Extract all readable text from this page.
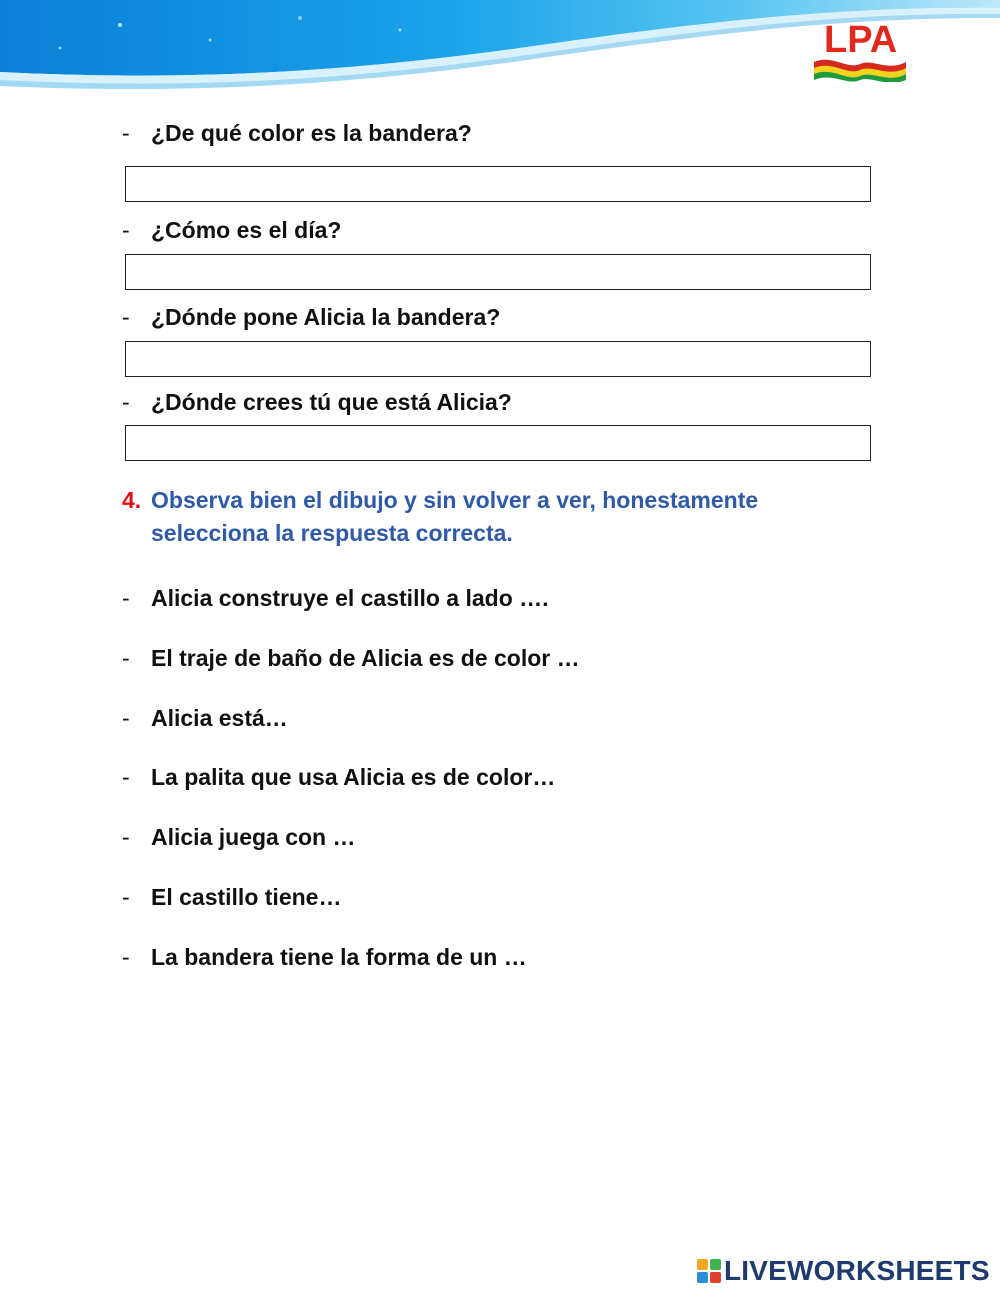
LPA
- ¿De qué color es la bandera?
- ¿Cómo es el día?
- ¿Dónde pone Alicia la bandera?
- ¿Dónde crees tú que está Alicia?
4. Observa bien el dibujo y sin volver a ver, honestamente
selecciona la respuesta correcta.
- Alicia construye el castillo a lado ….
- El traje de baño de Alicia es de color …
- Alicia está…
- La palita que usa Alicia es de color…
- Alicia juega con …
- El castillo tiene…
- La bandera tiene la forma de un …
LIVEWORKSHEETS
